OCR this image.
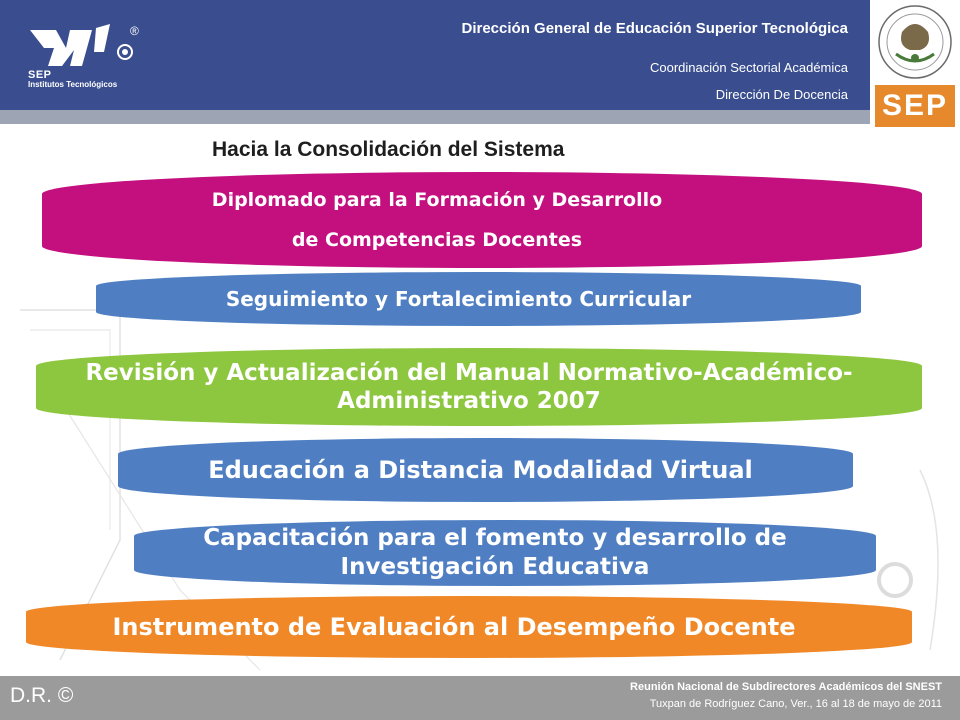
SEP
Institutos Tecnológicos
®	Dirección General de Educación Superior Tecnológica
Coordinación Sectorial Académica
Dirección De Docencia SEP
Hacia la Consolidación del Sistema
Diplomado para la Formación y Desarrollo
de Competencias Docentes
Seguimiento y Fortalecimiento Curricular
Revisión y Actualización del Manual Normativo-Académico-
Administrativo 2007
Educación a Distancia Modalidad Virtual
Capacitación para el fomento y desarrollo de
Investigación Educativa
Instrumento de Evaluación al Desempeño Docente
D.R. ©	Reunión Nacional de Subdirectores Académicos del SNEST
Tuxpan de Rodríguez Cano, Ver., 16 al 18 de mayo de 2011
